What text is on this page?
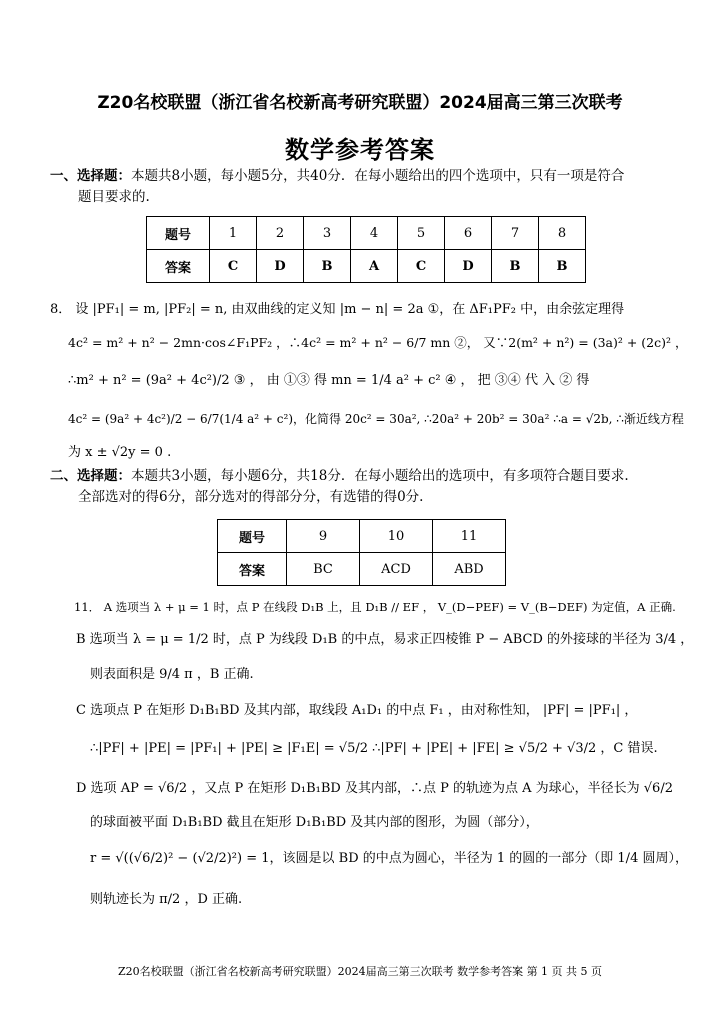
Z20名校联盟（浙江省名校新高考研究联盟）2024届高三第三次联考
数学参考答案
一、选择题：本题共8小题，每小题5分，共40分．在每小题给出的四个选项中，只有一项是符合
题目要求的.
题号	1	2	3	4	5	6	7	8
答案	C	D	B	A	C	D	B	B
8． 设 |PF₁| = m, |PF₂| = n, 由双曲线的定义知 |m − n| = 2a ①，在 ΔF₁PF₂ 中，由余弦定理得
4c² = m² + n² − 2mn·cos∠F₁PF₂ ，∴4c² = m² + n² − 6/7 mn ②， 又∵2(m² + n²) = (3a)² + (2c)² ，
∴m² + n² = (9a² + 4c²)/2 ③ ， 由 ①③ 得 mn = 1/4 a² + c² ④ ， 把 ③④ 代 入 ② 得
4c² = (9a² + 4c²)/2 − 6/7(1/4 a² + c²)，化简得 20c² = 30a², ∴20a² + 20b² = 30a² ∴a = √2b, ∴渐近线方程
为 x ± √2y = 0 .
二、选择题：本题共3小题，每小题6分，共18分．在每小题给出的选项中，有多项符合题目要求.
全部选对的得6分，部分选对的得部分分，有选错的得0分.
题号	9	10	11
答案	BC	ACD	ABD
11． A 选项当 λ + μ = 1 时，点 P 在线段 D₁B 上，且 D₁B // EF ， V_(D−PEF) = V_(B−DEF) 为定值，A 正确.
B 选项当 λ = μ = 1/2 时，点 P 为线段 D₁B 的中点，易求正四棱锥 P − ABCD 的外接球的半径为 3/4 ，
则表面积是 9/4 π ，B 正确.
C 选项点 P 在矩形 D₁B₁BD 及其内部，取线段 A₁D₁ 的中点 F₁ ，由对称性知， |PF| = |PF₁| ，
∴|PF| + |PE| = |PF₁| + |PE| ≥ |F₁E| = √5/2 ∴|PF| + |PE| + |FE| ≥ √5/2 + √3/2 ，C 错误.
D 选项 AP = √6/2 ，又点 P 在矩形 D₁B₁BD 及其内部，∴点 P 的轨迹为点 A 为球心，半径长为 √6/2
的球面被平面 D₁B₁BD 截且在矩形 D₁B₁BD 及其内部的图形，为圆（部分），
r = √((√6/2)² − (√2/2)²) = 1，该圆是以 BD 的中点为圆心，半径为 1 的圆的一部分（即 1/4 圆周），
则轨迹长为 π/2 ，D 正确.
Z20名校联盟（浙江省名校新高考研究联盟）2024届高三第三次联考 数学参考答案 第 1 页 共 5 页
